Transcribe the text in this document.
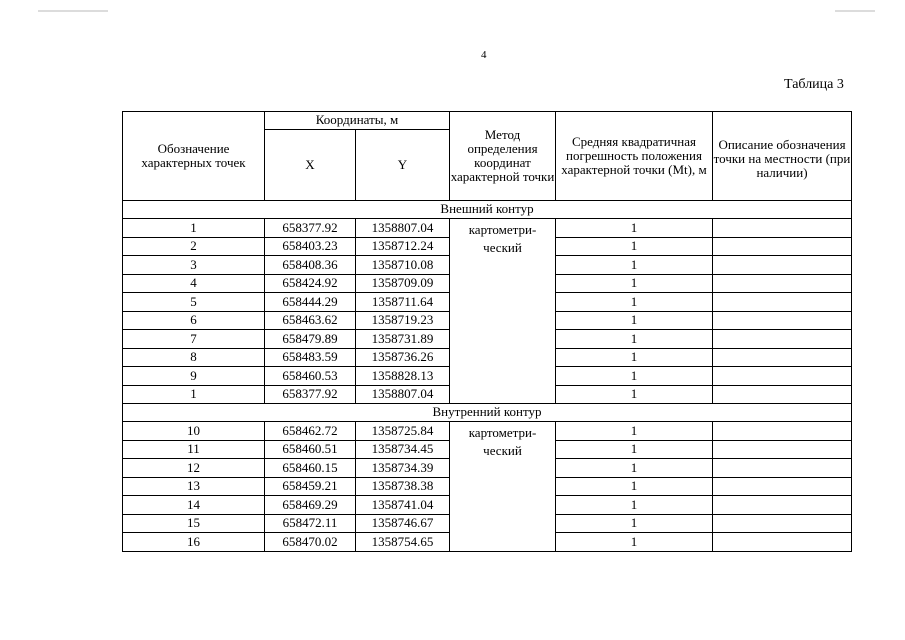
4
Таблица 3
Обозначение характерных точек	Координаты, м		Метод определения координат характерной точки	Средняя квадратичная погрешность положения характерной точки (Mt), м	Описание обозначения точки на местности (при наличии)
	X	Y			
Внешний контур					
1	658377.92	1358807.04	картометри-ческий	1	
2	658403.23	1358712.24		1	
3	658408.36	1358710.08		1	
4	658424.92	1358709.09		1	
5	658444.29	1358711.64		1	
6	658463.62	1358719.23		1	
7	658479.89	1358731.89		1	
8	658483.59	1358736.26		1	
9	658460.53	1358828.13		1	
1	658377.92	1358807.04		1	
Внутренний контур					
10	658462.72	1358725.84	картометри-ческий	1	
11	658460.51	1358734.45		1	
12	658460.15	1358734.39		1	
13	658459.21	1358738.38		1	
14	658469.29	1358741.04		1	
15	658472.11	1358746.67		1	
16	658470.02	1358754.65		1	
